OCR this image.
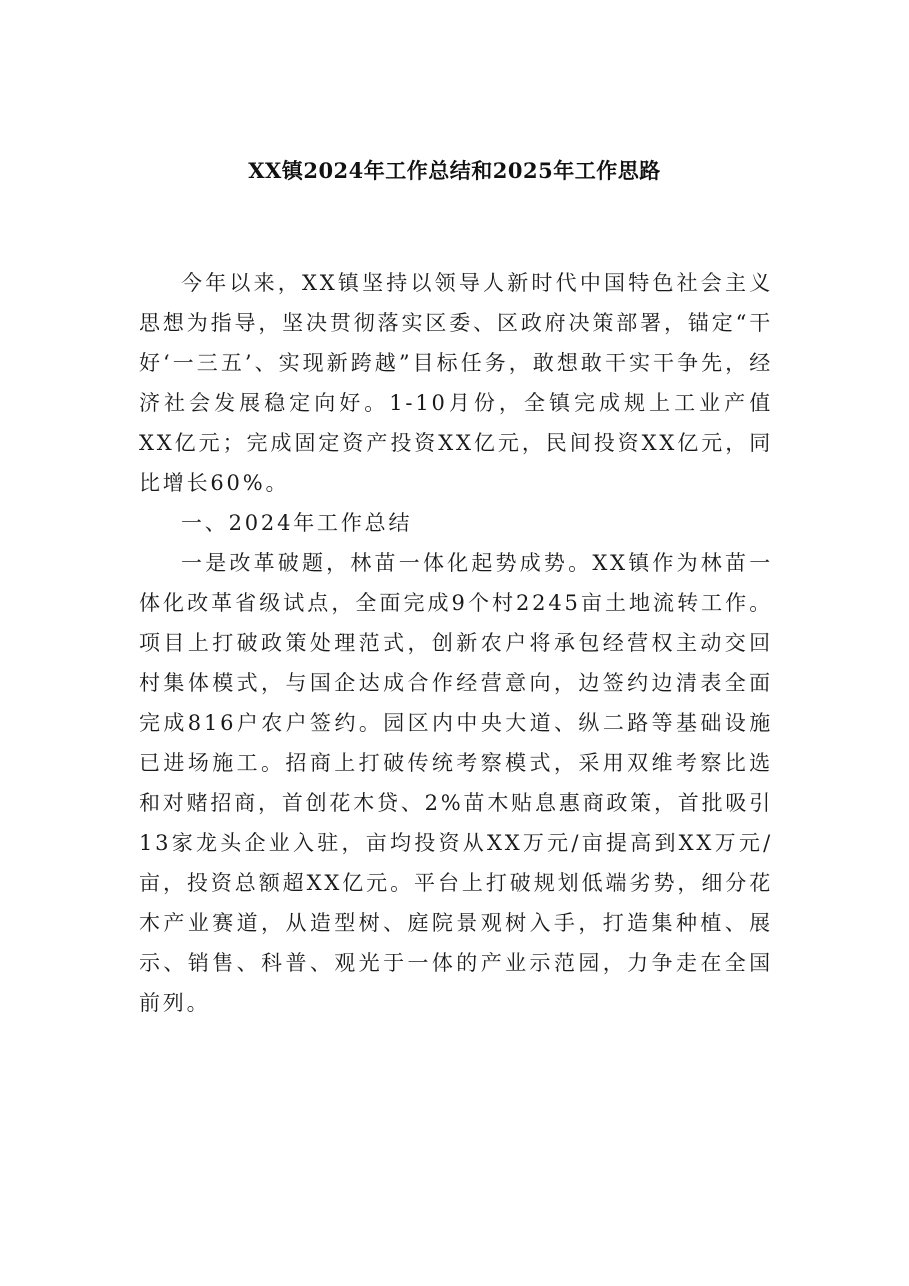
XX镇2024年工作总结和2025年工作思路

今年以来，XX镇坚持以领导人新时代中国特色社会主义思想为指导，坚决贯彻落实区委、区政府决策部署，锚定“干好‘一三五’、实现新跨越”目标任务，敢想敢干实干争先，经济社会发展稳定向好。1-10月份，全镇完成规上工业产值XX亿元；完成固定资产投资XX亿元，民间投资XX亿元，同比增长60%。

一、2024年工作总结

一是改革破题，林苗一体化起势成势。XX镇作为林苗一体化改革省级试点，全面完成9个村2245亩土地流转工作。项目上打破政策处理范式，创新农户将承包经营权主动交回村集体模式，与国企达成合作经营意向，边签约边清表全面完成816户农户签约。园区内中央大道、纵二路等基础设施已进场施工。招商上打破传统考察模式，采用双维考察比选和对赌招商，首创花木贷、2%苗木贴息惠商政策，首批吸引13家龙头企业入驻，亩均投资从XX万元/亩提高到XX万元/亩，投资总额超XX亿元。平台上打破规划低端劣势，细分花木产业赛道，从造型树、庭院景观树入手，打造集种植、展示、销售、科普、观光于一体的产业示范园，力争走在全国前列。
